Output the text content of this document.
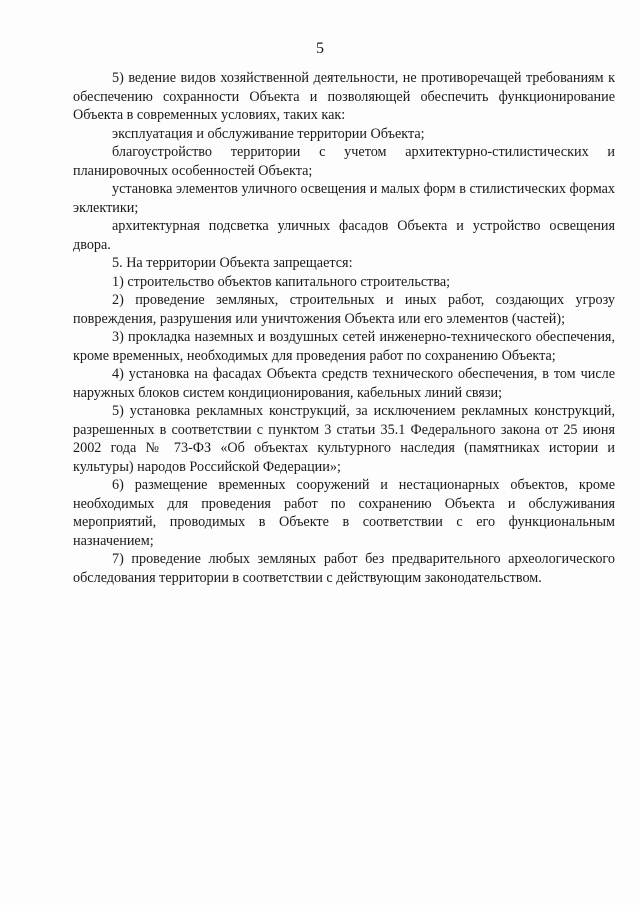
5

5) ведение видов хозяйственной деятельности, не противоречащей требованиям к обеспечению сохранности Объекта и позволяющей обеспечить функционирование Объекта в современных условиях, таких как:

эксплуатация и обслуживание территории Объекта;

благоустройство территории с учетом архитектурно-стилистических и планировочных особенностей Объекта;

установка элементов уличного освещения и малых форм в стилистических формах эклектики;

архитектурная подсветка уличных фасадов Объекта и устройство освещения двора.

5. На территории Объекта запрещается:

1) строительство объектов капитального строительства;

2) проведение земляных, строительных и иных работ, создающих угрозу повреждения, разрушения или уничтожения Объекта или его элементов (частей);

3) прокладка наземных и воздушных сетей инженерно-технического обеспечения, кроме временных, необходимых для проведения работ по сохранению Объекта;

4) установка на фасадах Объекта средств технического обеспечения, в том числе наружных блоков систем кондиционирования, кабельных линий связи;

5) установка рекламных конструкций, за исключением рекламных конструкций, разрешенных в соответствии с пунктом 3 статьи 35.1 Федерального закона от 25 июня 2002 года № 73-ФЗ «Об объектах культурного наследия (памятниках истории и культуры) народов Российской Федерации»;

6) размещение временных сооружений и нестационарных объектов, кроме необходимых для проведения работ по сохранению Объекта и обслуживания мероприятий, проводимых в Объекте в соответствии с его функциональным назначением;

7) проведение любых земляных работ без предварительного археологического обследования территории в соответствии с действующим законодательством.
